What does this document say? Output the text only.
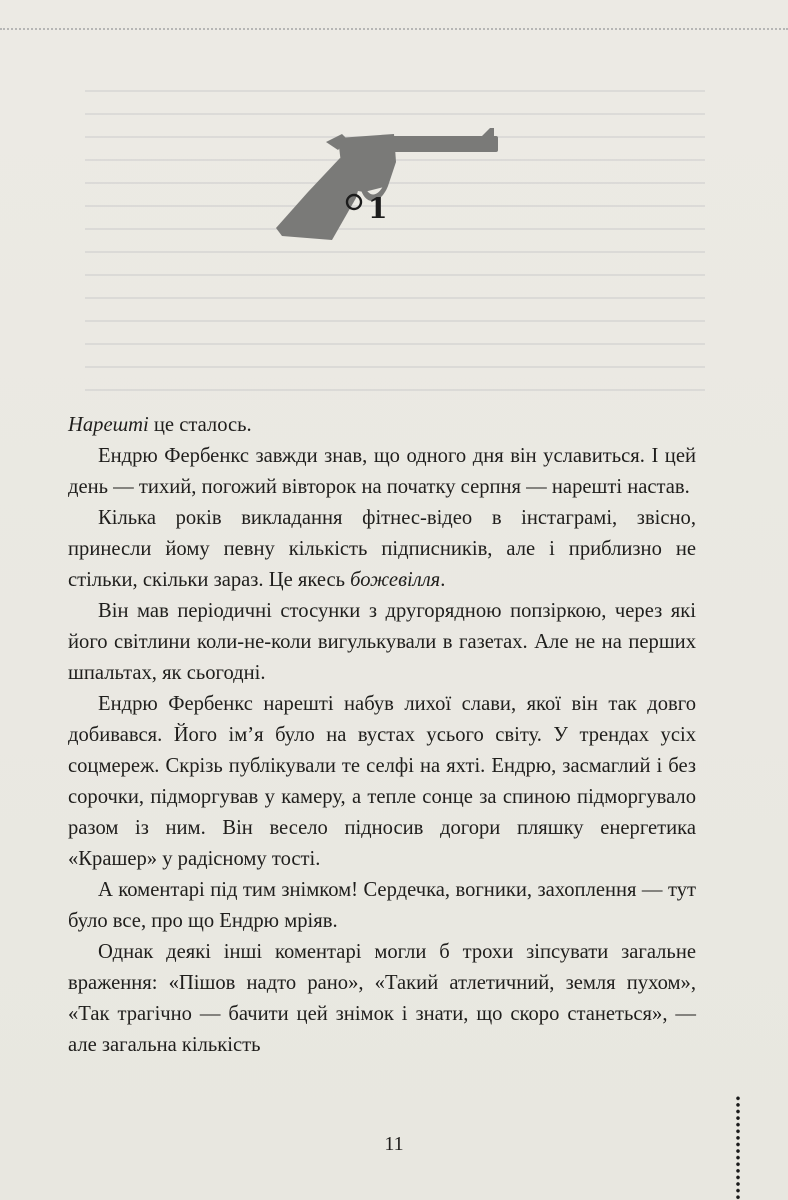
1

Нарешті це сталось.

Ендрю Фербенкс завжди знав, що одного дня він уславиться. І цей день — тихий, погожий вівторок на початку серпня — нарешті настав.

Кілька років викладання фітнес-відео в інстаграмі, звісно, принесли йому певну кількість підписників, але і приблизно не стільки, скільки зараз. Це якесь божевілля.

Він мав періодичні стосунки з другорядною попзіркою, через які його світлини коли-не-коли вигулькували в газетах. Але не на перших шпальтах, як сьогодні.

Ендрю Фербенкс нарешті набув лихої слави, якої він так довго добивався. Його ім’я було на вустах усього світу. У трендах усіх соцмереж. Скрізь публікували те селфі на яхті. Ендрю, засмаглий і без сорочки, підморгував у камеру, а тепле сонце за спиною підморгувало разом із ним. Він весело підносив догори пляшку енергетика «Крашер» у радісному тості.

А коментарі під тим знімком! Сердечка, вогники, захоплення — тут було все, про що Ендрю мріяв.

Однак деякі інші коментарі могли б трохи зіпсувати загальне враження: «Пішов надто рано», «Такий атлетичний, земля пухом», «Так трагічно — бачити цей знімок і знати, що скоро станеться», — але загальна кількість

11
